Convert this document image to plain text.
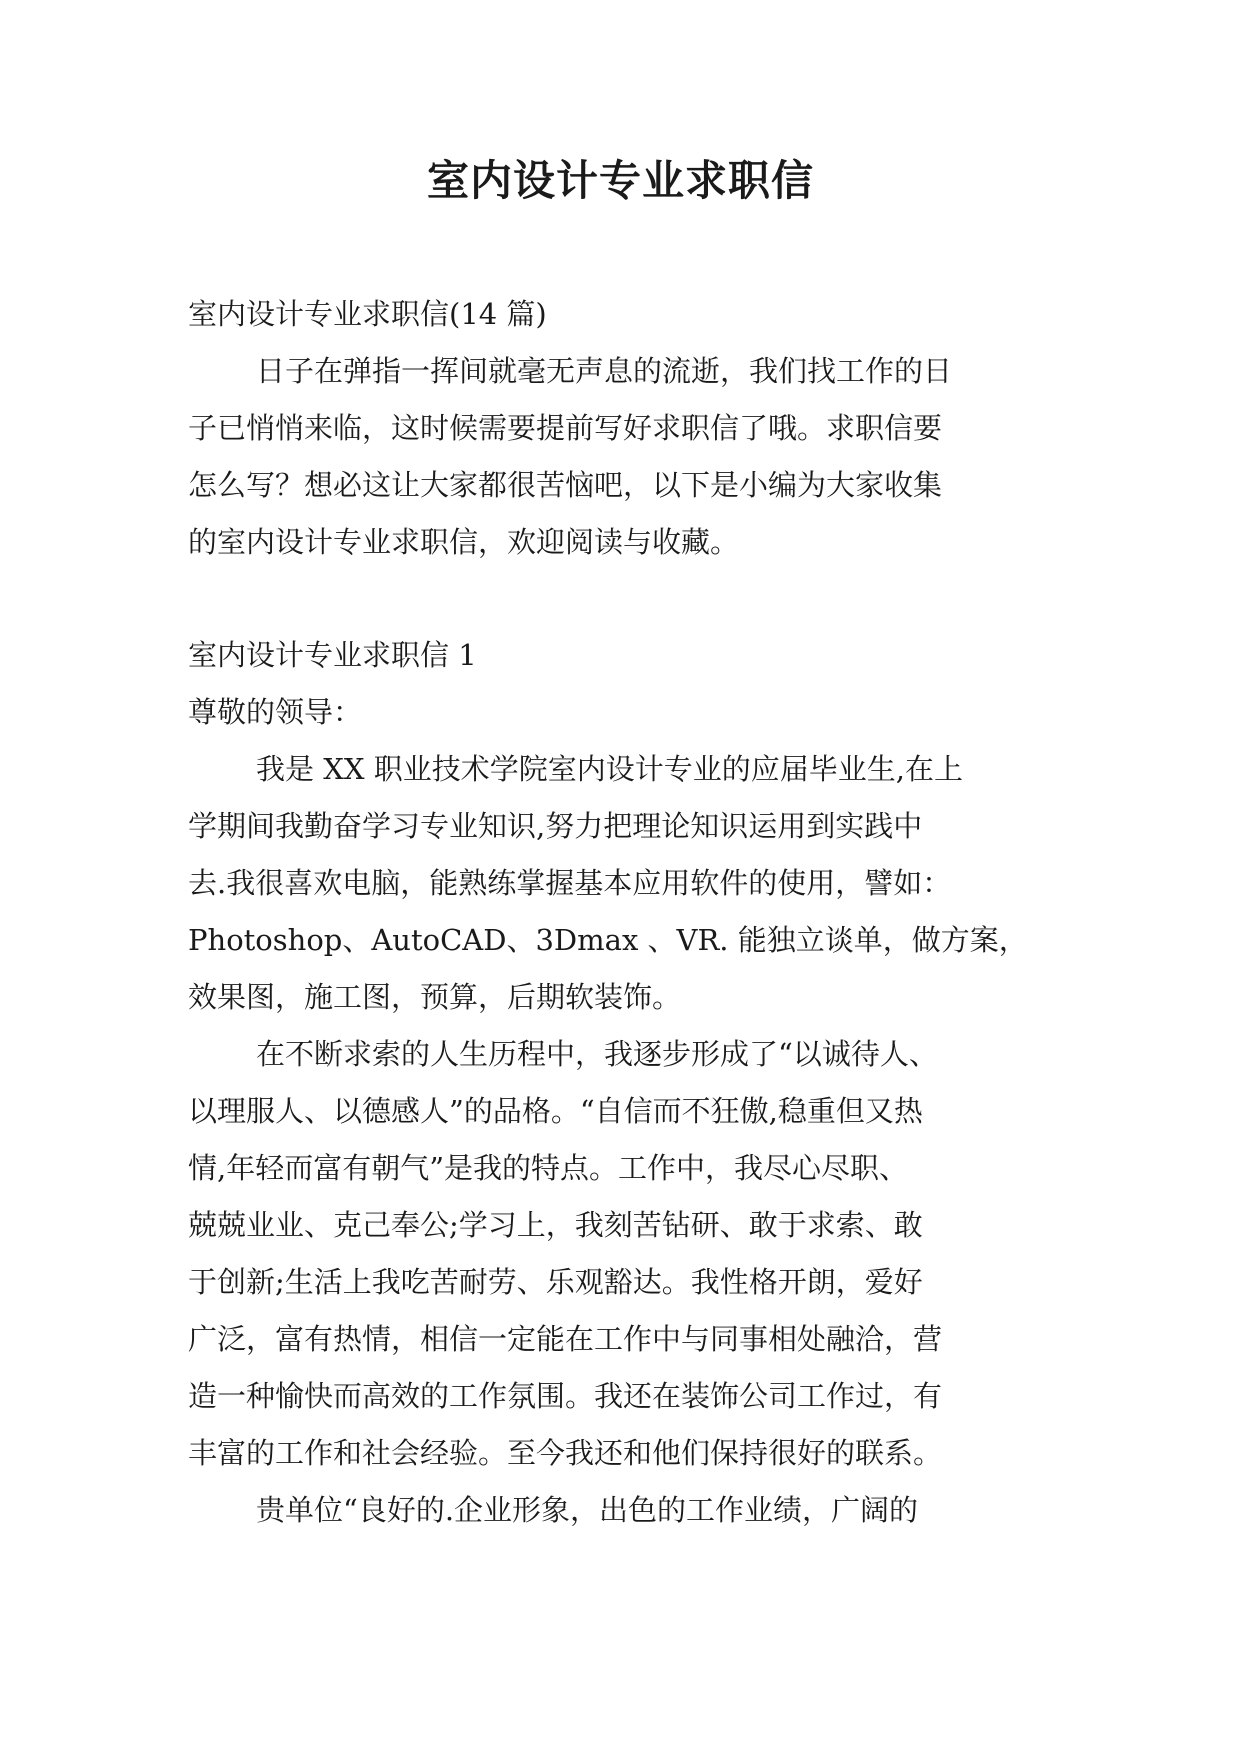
室内设计专业求职信
室内设计专业求职信(14 篇)
日子在弹指一挥间就毫无声息的流逝，我们找工作的日
子已悄悄来临，这时候需要提前写好求职信了哦。求职信要
怎么写？想必这让大家都很苦恼吧，以下是小编为大家收集
的室内设计专业求职信，欢迎阅读与收藏。
室内设计专业求职信 1
尊敬的领导：
我是 XX 职业技术学院室内设计专业的应届毕业生,在上
学期间我勤奋学习专业知识,努力把理论知识运用到实践中
去.我很喜欢电脑，能熟练掌握基本应用软件的使用，譬如：
Photoshop、AutoCAD、3Dmax 、VR. 能独立谈单，做方案，
效果图，施工图，预算，后期软装饰。
在不断求索的人生历程中，我逐步形成了“以诚待人、
以理服人、以德感人”的品格。“自信而不狂傲,稳重但又热
情,年轻而富有朝气”是我的特点。工作中，我尽心尽职、
兢兢业业、克己奉公;学习上，我刻苦钻研、敢于求索、敢
于创新;生活上我吃苦耐劳、乐观豁达。我性格开朗，爱好
广泛，富有热情，相信一定能在工作中与同事相处融洽，营
造一种愉快而高效的工作氛围。我还在装饰公司工作过，有
丰富的工作和社会经验。至今我还和他们保持很好的联系。
贵单位“良好的.企业形象，出色的工作业绩，广阔的
